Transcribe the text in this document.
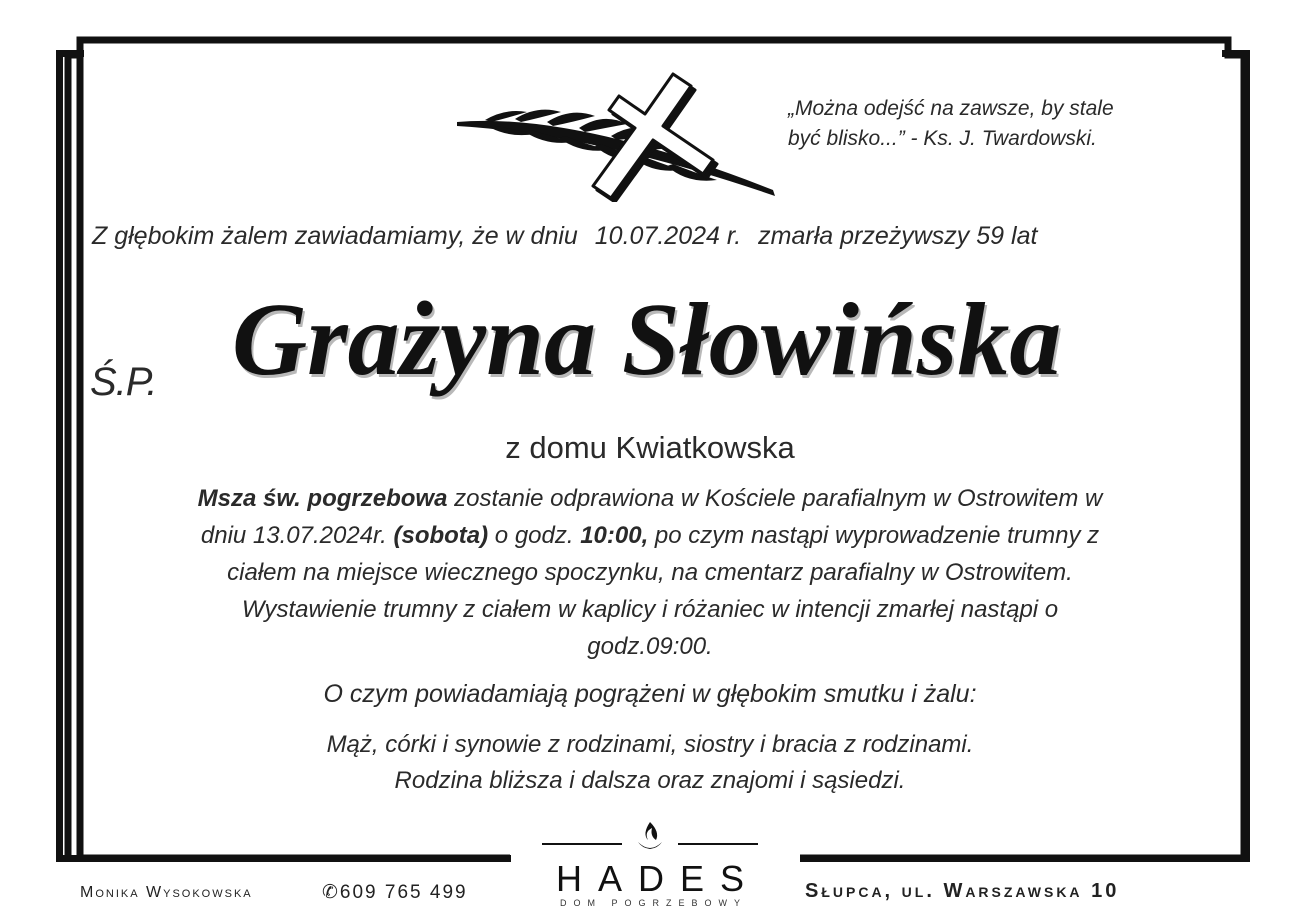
„Można odejść na zawsze, by stale
być blisko...” - Ks. J. Twardowski.
Z głębokim żalem zawiadamiamy, że w dniu 10.07.2024 r. zmarła przeżywszy 59 lat
Ś.P. Grażyna Słowińska
z domu Kwiatkowska
Msza św. pogrzebowa zostanie odprawiona w Kościele parafialnym w Ostrowitem w
dniu 13.07.2024r. (sobota) o godz. 10:00, po czym nastąpi wyprowadzenie trumny z
ciałem na miejsce wiecznego spoczynku, na cmentarz parafialny w Ostrowitem.
Wystawienie trumny z ciałem w kaplicy i różaniec w intencji zmarłej nastąpi o
godz.09:00.
O czym powiadamiają pogrążeni w głębokim smutku i żalu:
Mąż, córki i synowie z rodzinami, siostry i bracia z rodzinami.
Rodzina bliższa i dalsza oraz znajomi i sąsiedzi.
Monika Wysokowska	✆609 765 499	HADES
DOM POGRZEBOWY
Słupca, ul. Warszawska 10
